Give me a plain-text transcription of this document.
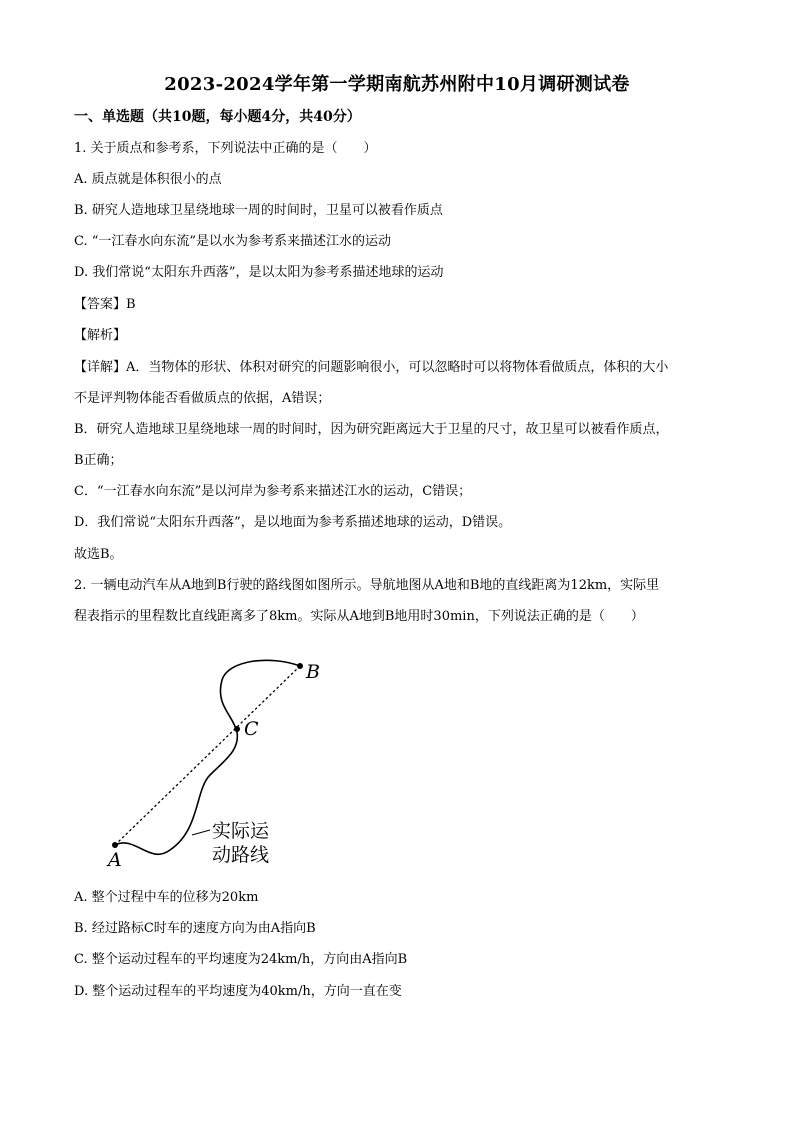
2023-2024学年第一学期南航苏州附中10月调研测试卷
一、单选题（共10题，每小题4分，共40分）
1. 关于质点和参考系，下列说法中正确的是（　　）
A. 质点就是体积很小的点
B. 研究人造地球卫星绕地球一周的时间时，卫星可以被看作质点
C. “一江春水向东流”是以水为参考系来描述江水的运动
D. 我们常说“太阳东升西落”，是以太阳为参考系描述地球的运动
【答案】B
【解析】
【详解】A．当物体的形状、体积对研究的问题影响很小，可以忽略时可以将物体看做质点，体积的大小
不是评判物体能否看做质点的依据，A错误；
B．研究人造地球卫星绕地球一周的时间时，因为研究距离远大于卫星的尺寸，故卫星可以被看作质点，
B正确；
C．“一江春水向东流”是以河岸为参考系来描述江水的运动，C错误；
D．我们常说“太阳东升西落”，是以地面为参考系描述地球的运动，D错误。
故选B。
2. 一辆电动汽车从A地到B行驶的路线图如图所示。导航地图从A地和B地的直线距离为12km，实际里
程表指示的里程数比直线距离多了8km。实际从A地到B地用时30min，下列说法正确的是（　　）
A
B
C
实际运
动路线
A. 整个过程中车的位移为20km
B. 经过路标C时车的速度方向为由A指向B
C. 整个运动过程车的平均速度为24km/h，方向由A指向B
D. 整个运动过程车的平均速度为40km/h，方向一直在变
